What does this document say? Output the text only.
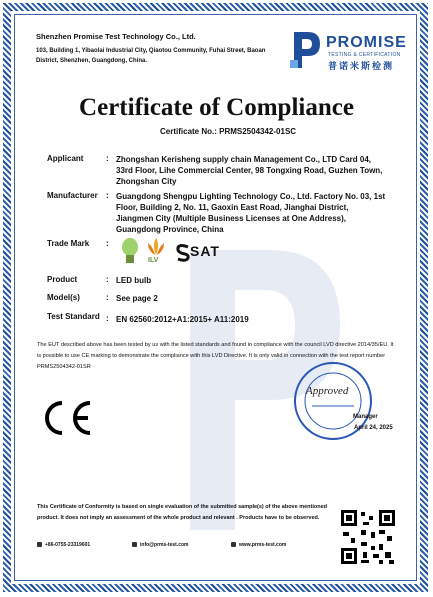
Shenzhen Promise Test Technology Co., Ltd.
103, Building 1, Yibaolai Industrial City, Qiaotou Community, Fuhai Street, Baoan District, Shenzhen, Guangdong, China.
PROMISE
TESTING & CERTIFICATION
普诺米斯检测
Certificate of Compliance
Certificate No.: PRMS2504342-01SC
Applicant	: Zhongshan Kerisheng supply chain Management Co., LTD Card 04, 33rd Floor, Lihe Commercial Center, 98 Tongxing Road, Guzhen Town, Zhongshan City
Manufacturer : Guangdong Shengpu Lighting Technology Co., Ltd. Factory No. 03, 1st Floor, Building 2, No. 11, Gaoxin East Road, Jianghai District, Jiangmen City (Multiple Business Licenses at One Address), Guangdong Province, China
Trade Mark :
ILV
SAT
Product	: LED bulb
Model(s)	: See page 2
Test Standard : EN 62560:2012+A1:2015+ A11:2019
The EUT described above has been tested by us with the listed standards and found in compliance with the council LVD directive 2014/35/EU. It is possible to use CE marking to demonstrate the compliance with this LVD Directive. It is only valid in connection with the test report number PRMS2504342-01SR
Approved
Manager
April 24, 2025
This Certificate of Conformity is based on single evaluation of the submitted sample(s) of the above mentioned product. It does not imply an assessment of the whole product and relevant . Products have to be observed.
+86-0755-23319601	info@prms-test.com	www.prms-test.com
